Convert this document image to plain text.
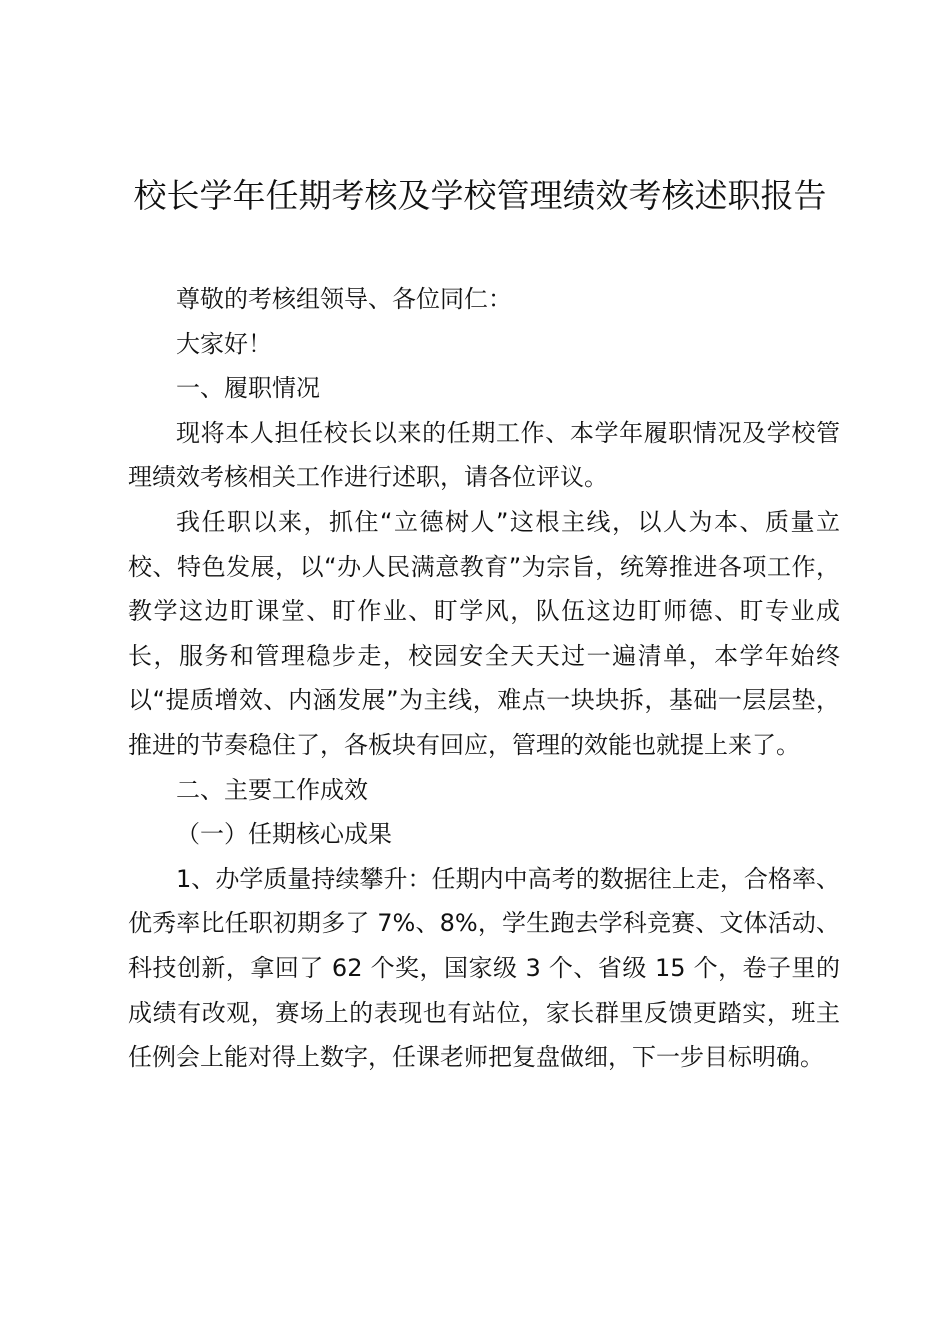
校长学年任期考核及学校管理绩效考核述职报告

尊敬的考核组领导、各位同仁：

大家好！

一、履职情况

现将本人担任校长以来的任期工作、本学年履职情况及学校管理绩效考核相关工作进行述职，请各位评议。

我任职以来，抓住“立德树人”这根主线，以人为本、质量立校、特色发展，以“办人民满意教育”为宗旨，统筹推进各项工作，教学这边盯课堂、盯作业、盯学风，队伍这边盯师德、盯专业成长，服务和管理稳步走，校园安全天天过一遍清单，本学年始终以“提质增效、内涵发展”为主线，难点一块块拆，基础一层层垫，推进的节奏稳住了，各板块有回应，管理的效能也就提上来了。

二、主要工作成效

（一）任期核心成果

1、办学质量持续攀升：任期内中高考的数据往上走，合格率、优秀率比任职初期多了 7%、8%，学生跑去学科竞赛、文体活动、科技创新，拿回了 62 个奖，国家级 3 个、省级 15 个，卷子里的成绩有改观，赛场上的表现也有站位，家长群里反馈更踏实，班主任例会上能对得上数字，任课老师把复盘做细，下一步目标明确。
